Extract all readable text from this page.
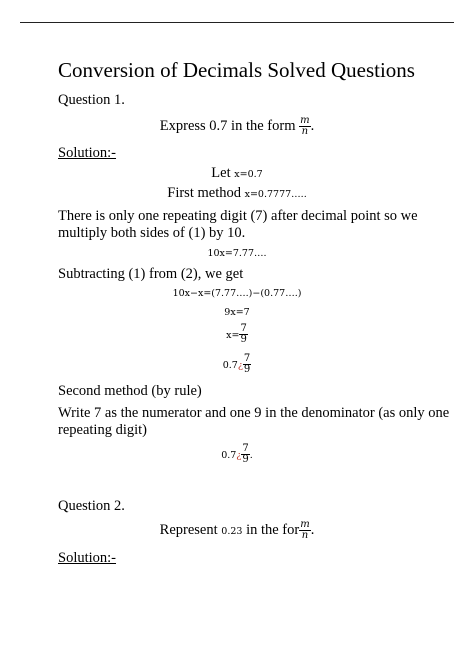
Conversion of Decimals Solved Questions
Question 1.
Express 0.7 in the form $\frac{m}{n}$ .
Solution:-
Let x=0.7
First method x=0.7777…..
There is only one repeating digit (7) after decimal point so we multiply both sides of (1) by 10.
10x=7.77….
Subtracting (1) from (2), we get
10x−x=(7.77….)−(0.77….)
9x=7
$x= \frac{7}{9}$
0.7¿ $\frac{7}{9}$
Second method (by rule)
Write 7 as the numerator and one 9 in the denominator (as only one repeating digit)
0.7¿ $\frac{7}{9}$ .
Question 2.
Represent 0.23 in the for $\frac{m}{n}$ .
Solution:-
